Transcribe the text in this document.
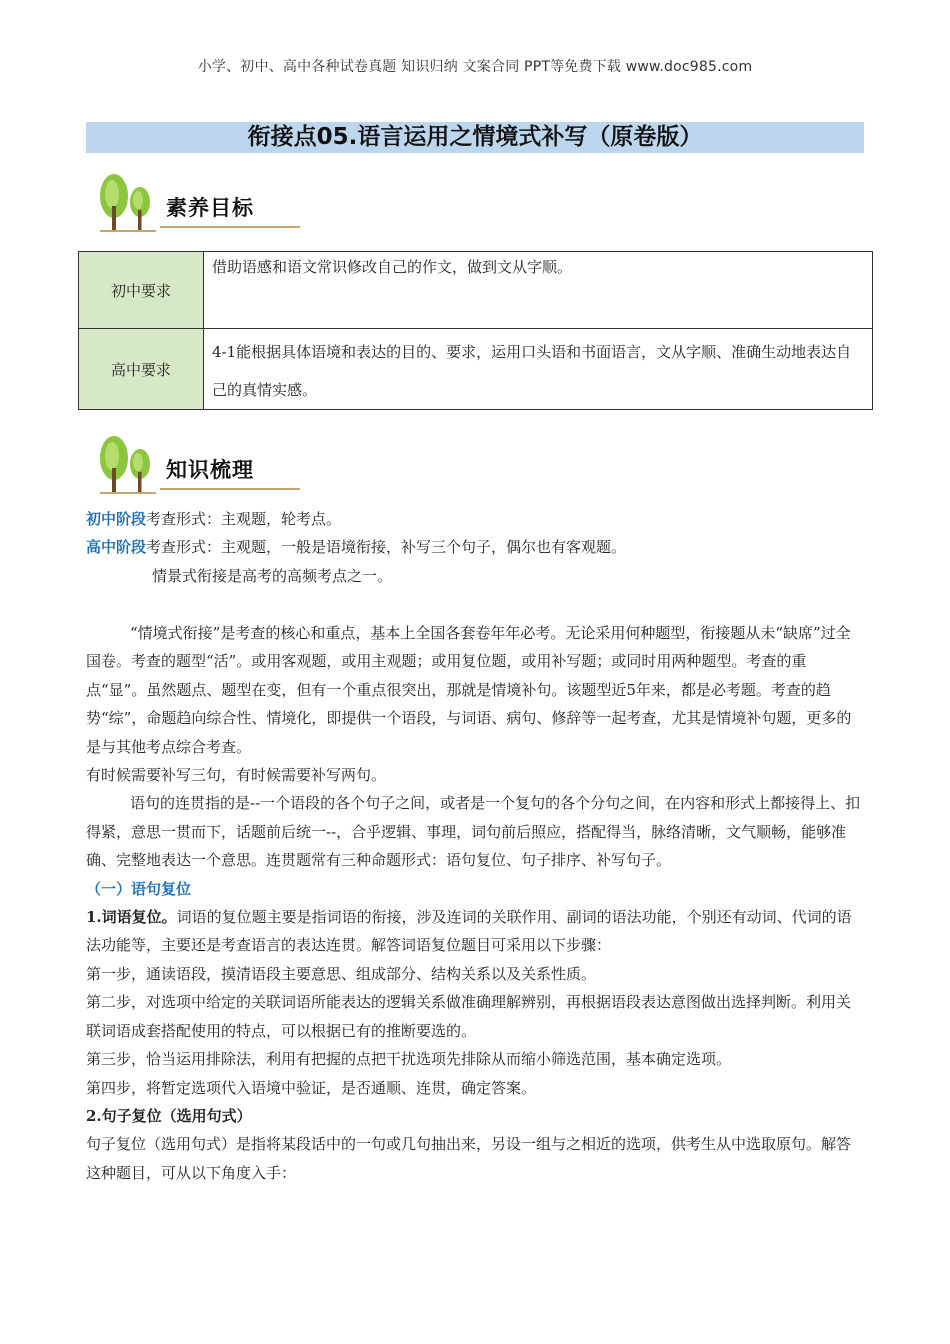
小学、初中、高中各种试卷真题 知识归纳 文案合同 PPT等免费下载 www.doc985.com
衔接点05.语言运用之情境式补写（原卷版）
素养目标
初中要求	借助语感和语文常识修改自己的作文，做到文从字顺。
高中要求	4-1能根据具体语境和表达的目的、要求，运用口头语和书面语言，文从字顺、准确生动地表达自己的真情实感。
知识梳理

初中阶段考查形式：主观题，轮考点。

高中阶段考查形式：主观题，一般是语境衔接，补写三个句子，偶尔也有客观题。

情景式衔接是高考的高频考点之一。

“情境式衔接”是考查的核心和重点，基本上全国各套卷年年必考。无论采用何种题型，衔接题从未“缺席”过全国卷。考查的题型“活”。或用客观题，或用主观题；或用复位题，或用补写题；或同时用两种题型。考查的重点“显”。虽然题点、题型在变，但有一个重点很突出，那就是情境补句。该题型近5年来，都是必考题。考查的趋势“综”，命题趋向综合性、情境化，即提供一个语段，与词语、病句、修辞等一起考查，尤其是情境补句题，更多的是与其他考点综合考查。

有时候需要补写三句，有时候需要补写两句。

语句的连贯指的是--一个语段的各个句子之间，或者是一个复句的各个分句之间，在内容和形式上都接得上、扣得紧，意思一贯而下，话题前后统一--，合乎逻辑、事理，词句前后照应，搭配得当，脉络清晰，文气顺畅，能够准确、完整地表达一个意思。连贯题常有三种命题形式：语句复位、句子排序、补写句子。

（一）语句复位

1.词语复位。词语的复位题主要是指词语的衔接，涉及连词的关联作用、副词的语法功能，个别还有动词、代词的语法功能等，主要还是考查语言的表达连贯。解答词语复位题目可采用以下步骤：

第一步，通读语段，摸清语段主要意思、组成部分、结构关系以及关系性质。

第二步，对选项中给定的关联词语所能表达的逻辑关系做准确理解辨别，再根据语段表达意图做出选择判断。利用关联词语成套搭配使用的特点，可以根据已有的推断要选的。

第三步，恰当运用排除法，利用有把握的点把干扰选项先排除从而缩小筛选范围，基本确定选项。

第四步，将暂定选项代入语境中验证，是否通顺、连贯，确定答案。

2.句子复位（选用句式）

句子复位（选用句式）是指将某段话中的一句或几句抽出来，另设一组与之相近的选项，供考生从中选取原句。解答这种题目，可从以下角度入手：
